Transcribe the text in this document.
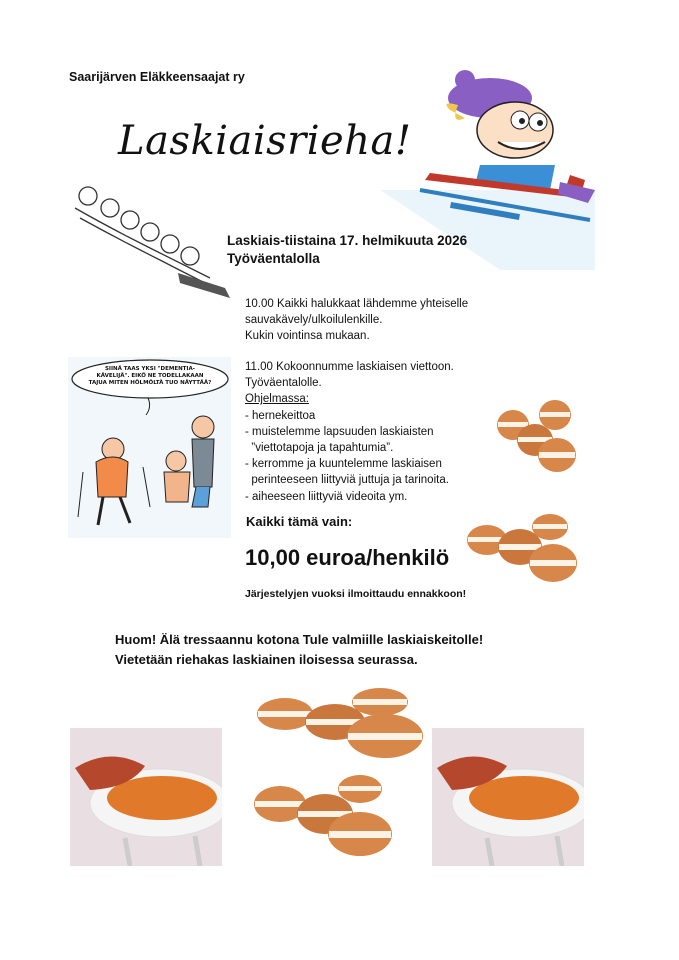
Saarijärven Eläkkeensaajat ry
Laskiaisrieha!
Laskiais-tiistaina 17. helmikuuta 2026
Työväentalolla
10.00 Kaikki halukkaat lähdemme yhteiselle
sauvakävely/ulkoilulenkille.
Kukin vointinsa mukaan.
11.00 Kokoonnumme laskiaisen viettoon.
Työväentalolle.
Ohjelmassa:
- hernekeittoa
- muistelemme lapsuuden laskiaisten
”viettotapoja ja tapahtumia”.
- kerromme ja kuuntelemme laskiaisen
perinteeseen liittyviä juttuja ja tarinoita.
- aiheeseen liittyviä videoita ym.
SIINÄ TAAS YKSI "DEMENTIA-
KÄVELIJÄ". EIKÖ NE TODELLAKAAN
TAJUA MITEN HÖLMÖLTÄ TUO NÄYTTÄÄ?
Kaikki tämä vain:
10,00 euroa/henkilö
Järjestelyjen vuoksi ilmoittaudu ennakkoon!
Huom! Älä tressaannu kotona Tule valmiille laskiaiskeitolle!
Vietetään riehakas laskiainen iloisessa seurassa.
